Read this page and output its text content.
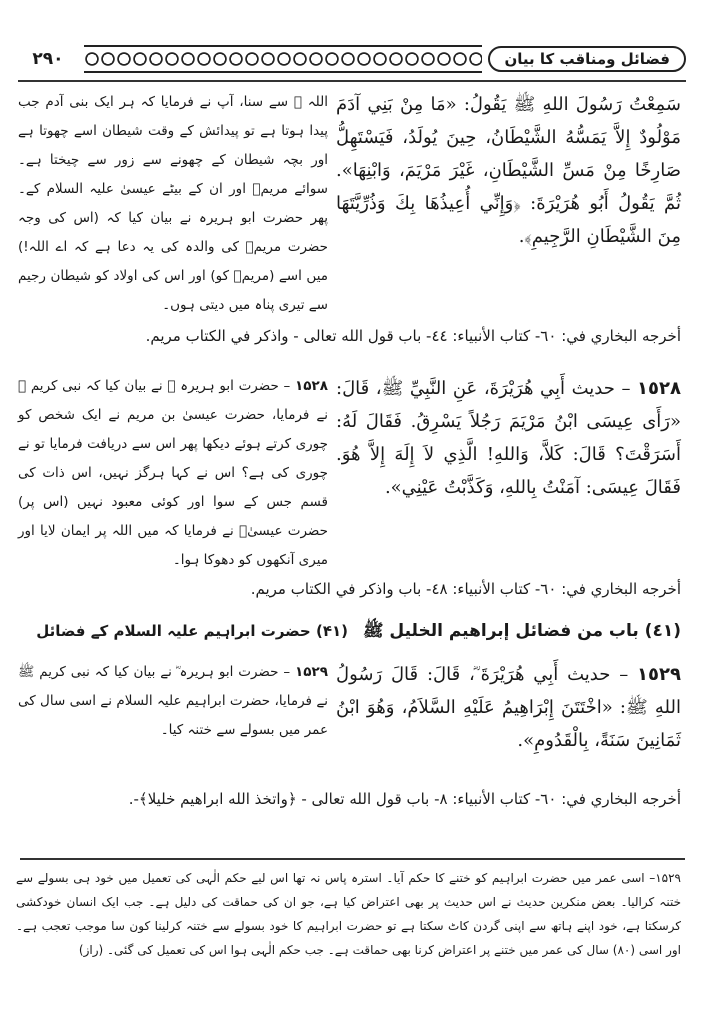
۲۹۰	فضائل ومناقب کا بیان
سَمِعْتُ رَسُولَ اللهِ ﷺ يَقُولُ: «مَا مِنْ بَنِي آدَمَ مَوْلُودٌ إِلاَّ يَمَسُّهُ الشَّيْطَانُ، حِينَ يُولَدُ، فَيَسْتَهِلُّ صَارِخًا مِنْ مَسِّ الشَّيْطَانِ، غَيْرَ مَرْيَمَ، وَابْنِهَا». ثُمَّ يَقُولُ أَبُو هُرَيْرَةَ: ﴿وَإِنِّي أُعِيذُهَا بِكَ وَذُرِّيَّتَهَا مِنَ الشَّيْطَانِ الرَّجِيمِ﴾.
اللہ ﷺ سے سنا، آپ نے فرمایا کہ ہر ایک بنی آدم جب پیدا ہوتا ہے تو پیدائش کے وقت شیطان اسے چھوتا ہے اور بچہ شیطان کے چھونے سے زور سے چیختا ہے۔ سوائے مریمؑ اور ان کے بیٹے عیسیٰ علیہ السلام کے۔ پھر حضرت ابو ہریرہ نے بیان کیا کہ (اس کی وجہ حضرت مریمؑ کی والدہ کی یہ دعا ہے کہ اے اللہ!) میں اسے (مریمؑ کو) اور اس کی اولاد کو شیطان رجیم سے تیری پناہ میں دیتی ہوں۔
أخرجه البخاري في: ٦٠- كتاب الأنبياء: ٤٤- باب قول الله تعالى - واذكر في الكتاب مريم.
١٥٢٨ – حديث أَبِي هُرَيْرَةَ، عَنِ النَّبِيِّ ﷺ، قَالَ: «رَأَى عِيسَى ابْنُ مَرْيَمَ رَجُلاً يَسْرِقُ. فَقَالَ لَهُ: أَسَرَقْتَ؟ قَالَ: كَلاَّ، وَاللهِ! الَّذِي لاَ إِلَهَ إِلاَّ هُوَ. فَقَالَ عِيسَى: آمَنْتُ بِاللهِ، وَكَذَّبْتُ عَيْنِي».
۱۵۲۸ – حضرت ابو ہریرہ ؓ نے بیان کیا کہ نبی کریم ﷺ نے فرمایا، حضرت عیسیٰ بن مریم نے ایک شخص کو چوری کرتے ہوئے دیکھا پھر اس سے دریافت فرمایا تو نے چوری کی ہے؟ اس نے کہا ہرگز نہیں، اس ذات کی قسم جس کے سوا اور کوئی معبود نہیں (اس پر) حضرت عیسیٰؑ نے فرمایا کہ میں اللہ پر ایمان لایا اور میری آنکھوں کو دھوکا ہوا۔
أخرجه البخاري في: ٦٠- كتاب الأنبياء: ٤٨- باب واذكر في الكتاب مريم.
(٤١) باب من فضائل إبراهيم الخليل ﷺ
(۴۱) حضرت ابراہیم علیہ السلام کے فضائل
١٥٢٩ – حديث أَبِي هُرَيْرَةَ ؓ، قَالَ: قَالَ رَسُولُ اللهِ ﷺ: «اخْتَتَنَ إِبْرَاهِيمُ عَلَيْهِ السَّلاَمُ، وَهُوَ ابْنُ ثَمَانِينَ سَنَةً، بِالْقَدُومِ».
۱۵۲۹ – حضرت ابو ہریرہ ؓ نے بیان کیا کہ نبی کریم ﷺ نے فرمایا، حضرت ابراہیم علیہ السلام نے اسی سال کی عمر میں بسولے سے ختنہ کیا۔
أخرجه البخاري في: ٦٠- كتاب الأنبياء: ٨- باب قول الله تعالى - ﴿واتخذ الله ابراهيم خليلا﴾-.
۱۵۲۹– اسی عمر میں حضرت ابراہیم کو ختنے کا حکم آیا۔ استرہ پاس نہ تھا اس لیے حکم الٰہی کی تعمیل میں خود ہی بسولے سے ختنہ کرالیا۔ بعض منکرین حدیث نے اس حدیث پر بھی اعتراض کیا ہے، جو ان کی حماقت کی دلیل ہے۔ جب ایک انسان خودکشی کرسکتا ہے، خود اپنے ہاتھ سے اپنی گردن کاٹ سکتا ہے تو حضرت ابراہیم کا خود بسولے سے ختنہ کرلینا کون سا موجب تعجب ہے۔ اور اسی (۸۰) سال کی عمر میں ختنے پر اعتراض کرنا بھی حماقت ہے۔ جب حکم الٰہی ہوا اس کی تعمیل کی گئی۔ (راز)
